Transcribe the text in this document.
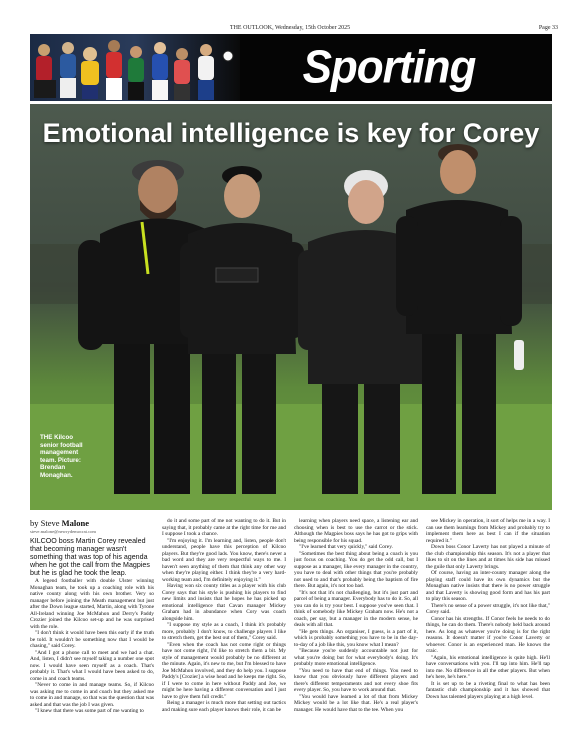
THE OUTLOOK, Wednesday, 15th October 2025	Page 33
Sporting
Emotional intelligence is key for Corey
THE Kilcoo senior football management team. Picture: Brendan Monaghan.

by Steve Malone

steve.malone@newrydemocrat.com

KILCOO boss Martin Corey revealed that becoming manager wasn't something that was top of his agenda when he got the call from the Magpies but he is glad he took the leap.

A legend footballer with double Ulster winning Monaghan team, he took up a coaching role with his native county along with his own brother. Very so manager before joining the Meath management but just after the Down league started, Martin, along with Tyrone All-Ireland winning Joe McMahon and Derry's Paddy Crozier joined the Kilcoo set-up and he was surprised with the role.

"I don't think it would have been this early if the truth be told. It wouldn't be something now that I would be chasing," said Corey.

"And I got a phone call to meet and we had a chat. And, listen, I didn't see myself taking a number one spot now. I would have seen myself as a coach. That's probably it. That's what I would have been asked to do, come in and coach teams.

"Never to come in and manage teams. So, if Kilcoo was asking me to come in and coach but they asked me to come in and manage, so that was the question that was asked and that was the job I was given.

"I knew that there was some part of me wanting to

do it and some part of me not wanting to do it. But in saying that, it probably came at the right time for me and I suppose I took a chance.

"I'm enjoying it. I'm learning and, listen, people don't understand, people have this perception of Kilcoo players. But they're good lads. You know, there's never a bad word and they are very respectful ways to me. I haven't seen anything of them that think any other way when they're playing either. I think they're a very hard-working team and, I'm definitely enjoying it."

Having won six county titles as a player with his club Corey says that his style is pushing his players to find new limits and insists that he hopes he has picked up emotional intelligence that Cavan manager Mickey Graham had in abundance when Cory was coach alongside him.

"I suppose my style as a coach, I think it's probably more, probably I don't know, to challenge players I like to stretch them, get the best out of them," Corey said.

"Even when the coach has not come right or things have not come right, I'd like to stretch them a bit. My style of management would probably be no different at the minute. Again, it's new to me, but I'm blessed to have Joe McMahon involved, and they do help you. I suppose Paddy's [Crozier] a wise head and he keeps me right. So, if I were to come in here without Paddy and Joe, we might be here having a different conversation and I just have to give them full credit."

Being a manager is much more that setting out tactics and making sure each player knows their role, it can be

learning when players need space, a listening ear and choosing when is best to use the carrot or the stick. Although the Magpies boss says he has got to grips with being responsible for his squad.

"I've learned that very quickly," said Corey.

"Sometimes the best thing about being a coach is you just focus on coaching. You do get the odd call, but I suppose as a manager, like every manager in the country, you have to deal with other things that you're probably not used to and that's probably being the baptism of fire there. But again, it's not too bad.

"It's not that it's not challenging, but it's just part and parcel of being a manager. Everybody has to do it. So, all you can do is try your best. I suppose you've seen that. I think of somebody like Mickey Graham now. He's not a coach, per say, but a manager in the modern sense, he deals with all that.

"He gets things. An organiser, I guess, is a part of it, which is probably something you have to be in the day-to-day of a job like this, you know what I mean?

"Because you're suddenly accountable not just for what you're doing but for what everybody's doing. It's probably more emotional intelligence.

"You need to have that end of things. You need to know that you obviously have different players and there's different temperaments and not every shoe fits every player. So, you have to work around that.

"You would have learned a lot of that from Mickey Mickey would be a lot like that. He's a real player's manager. He would have that to the tee. When you

see Mickey in operation, it sort of helps me in a way. I can use them learnings from Mickey and probably try to implement them here as best I can if the situation required it."

Down boss Conor Laverty has not played a minute of the club championship this season. It's not a player that likes to sit on the lines and at times his side has missed the guile that only Laverty brings.

Of course, having an inter-county manager along the playing staff could have its own dynamics but the Monaghan native insists that there is no power struggle and that Laverty is showing good form and has his part to play this season.

There's no sense of a power struggle, it's not like that," Corey said.

Conor has his strengths. If Conor feels he needs to do things, he can do them. There's nobody held back around here. As long as whatever you're doing is for the right reasons. It doesn't matter if you're Conor Laverty or whoever. Conor is an experienced man. He knows the craic.

"Again, his emotional intelligence is quite high. He'll have conversations with you. I'll tap into him. He'll tap into me. No difference in all the other players. But when he's here, he's here."

It is set up to be a riveting final to what has been fantastic club championship and it has showed that Down has talented players playing at a high level.
